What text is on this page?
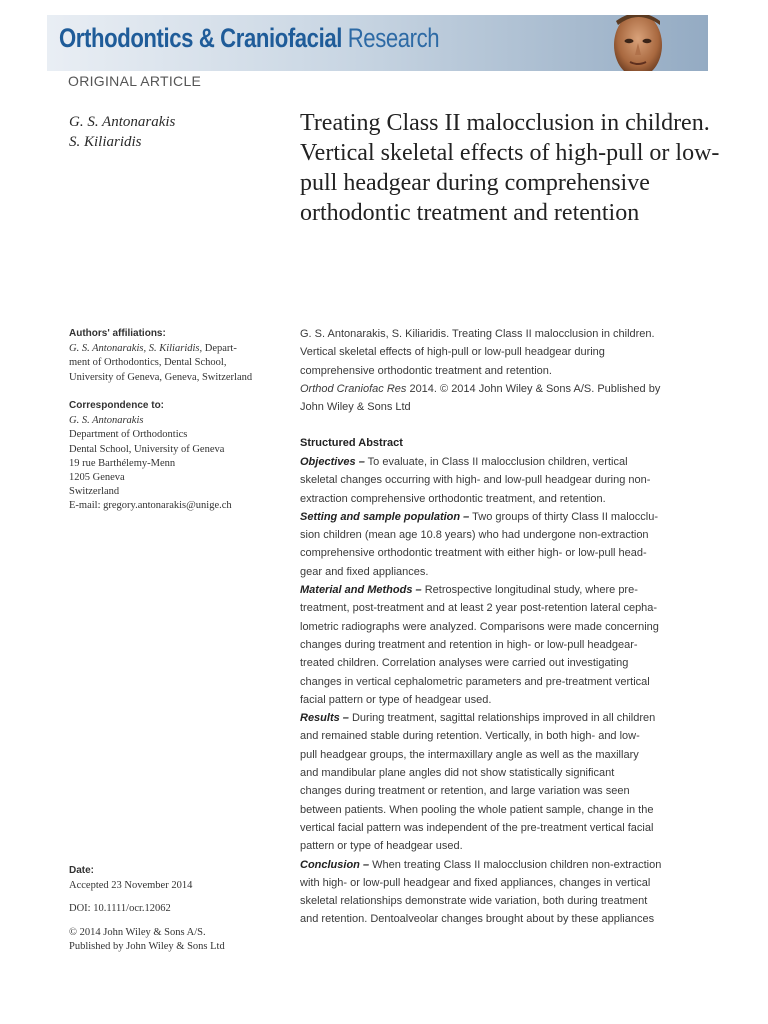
Orthodontics & Craniofacial Research
ORIGINAL ARTICLE
G. S. Antonarakis
S. Kiliaridis
Treating Class II malocclusion in children. Vertical skeletal effects of high-pull or low-pull headgear during comprehensive orthodontic treatment and retention
Authors' affiliations:
G. S. Antonarakis, S. Kiliaridis, Depart-
ment of Orthodontics, Dental School,
University of Geneva, Geneva, Switzerland
Correspondence to:
G. S. Antonarakis
Department of Orthodontics
Dental School, University of Geneva
19 rue Barthélemy-Menn
1205 Geneva
Switzerland
E-mail: gregory.antonarakis@unige.ch
Date:
Accepted 23 November 2014
DOI: 10.1111/ocr.12062
© 2014 John Wiley & Sons A/S.
Published by John Wiley & Sons Ltd
G. S. Antonarakis, S. Kiliaridis. Treating Class II malocclusion in children.
Vertical skeletal effects of high-pull or low-pull headgear during
comprehensive orthodontic treatment and retention.
Orthod Craniofac Res 2014. © 2014 John Wiley & Sons A/S. Published by
John Wiley & Sons Ltd
Structured Abstract
Objectives – To evaluate, in Class II malocclusion children, vertical
skeletal changes occurring with high- and low-pull headgear during non-
extraction comprehensive orthodontic treatment, and retention.
Setting and sample population – Two groups of thirty Class II malocclu-
sion children (mean age 10.8 years) who had undergone non-extraction
comprehensive orthodontic treatment with either high- or low-pull head-
gear and fixed appliances.
Material and Methods – Retrospective longitudinal study, where pre-
treatment, post-treatment and at least 2 year post-retention lateral cepha-
lometric radiographs were analyzed. Comparisons were made concerning
changes during treatment and retention in high- or low-pull headgear-
treated children. Correlation analyses were carried out investigating
changes in vertical cephalometric parameters and pre-treatment vertical
facial pattern or type of headgear used.
Results – During treatment, sagittal relationships improved in all children
and remained stable during retention. Vertically, in both high- and low-
pull headgear groups, the intermaxillary angle as well as the maxillary
and mandibular plane angles did not show statistically significant
changes during treatment or retention, and large variation was seen
between patients. When pooling the whole patient sample, change in the
vertical facial pattern was independent of the pre-treatment vertical facial
pattern or type of headgear used.
Conclusion – When treating Class II malocclusion children non-extraction
with high- or low-pull headgear and fixed appliances, changes in vertical
skeletal relationships demonstrate wide variation, both during treatment
and retention. Dentoalveolar changes brought about by these appliances
